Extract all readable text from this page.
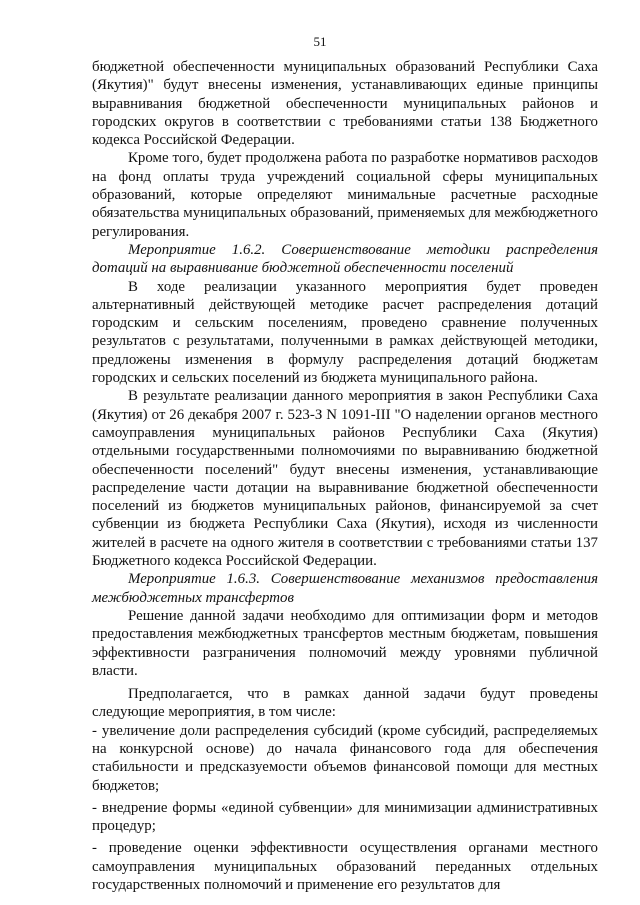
51

бюджетной обеспеченности муниципальных образований Республики Саха (Якутия)" будут внесены изменения, устанавливающих единые принципы выравнивания бюджетной обеспеченности муниципальных районов и городских округов в соответствии с требованиями статьи 138 Бюджетного кодекса Российской Федерации.

Кроме того, будет продолжена работа по разработке нормативов расходов на фонд оплаты труда учреждений социальной сферы муниципальных образований, которые определяют минимальные расчетные расходные обязательства муниципальных образований, применяемых для межбюджетного регулирования.

Мероприятие 1.6.2. Совершенствование методики распределения дотаций на выравнивание бюджетной обеспеченности поселений

В ходе реализации указанного мероприятия будет проведен альтернативный действующей методике расчет распределения дотаций городским и сельским поселениям, проведено сравнение полученных результатов с результатами, полученными в рамках действующей методики, предложены изменения в формулу распределения дотаций бюджетам городских и сельских поселений из бюджета муниципального района.

В результате реализации данного мероприятия в закон Республики Саха (Якутия) от 26 декабря 2007 г. 523-З N 1091-III "О наделении органов местного самоуправления муниципальных районов Республики Саха (Якутия) отдельными государственными полномочиями по выравниванию бюджетной обеспеченности поселений" будут внесены изменения, устанавливающие распределение части дотации на выравнивание бюджетной обеспеченности поселений из бюджетов муниципальных районов, финансируемой за счет субвенции из бюджета Республики Саха (Якутия), исходя из численности жителей в расчете на одного жителя в соответствии с требованиями статьи 137 Бюджетного кодекса Российской Федерации.

Мероприятие 1.6.3. Совершенствование механизмов предоставления межбюджетных трансфертов

Решение данной задачи необходимо для оптимизации форм и методов предоставления межбюджетных трансфертов местным бюджетам, повышения эффективности разграничения полномочий между уровнями публичной власти.

Предполагается, что в рамках данной задачи будут проведены следующие мероприятия, в том числе:

- увеличение доли распределения субсидий (кроме субсидий, распределяемых на конкурсной основе) до начала финансового года для обеспечения стабильности и предсказуемости объемов финансовой помощи для местных бюджетов;

- внедрение формы «единой субвенции» для минимизации административных процедур;

- проведение оценки эффективности осуществления органами местного самоуправления муниципальных образований переданных отдельных государственных полномочий и применение его результатов для
